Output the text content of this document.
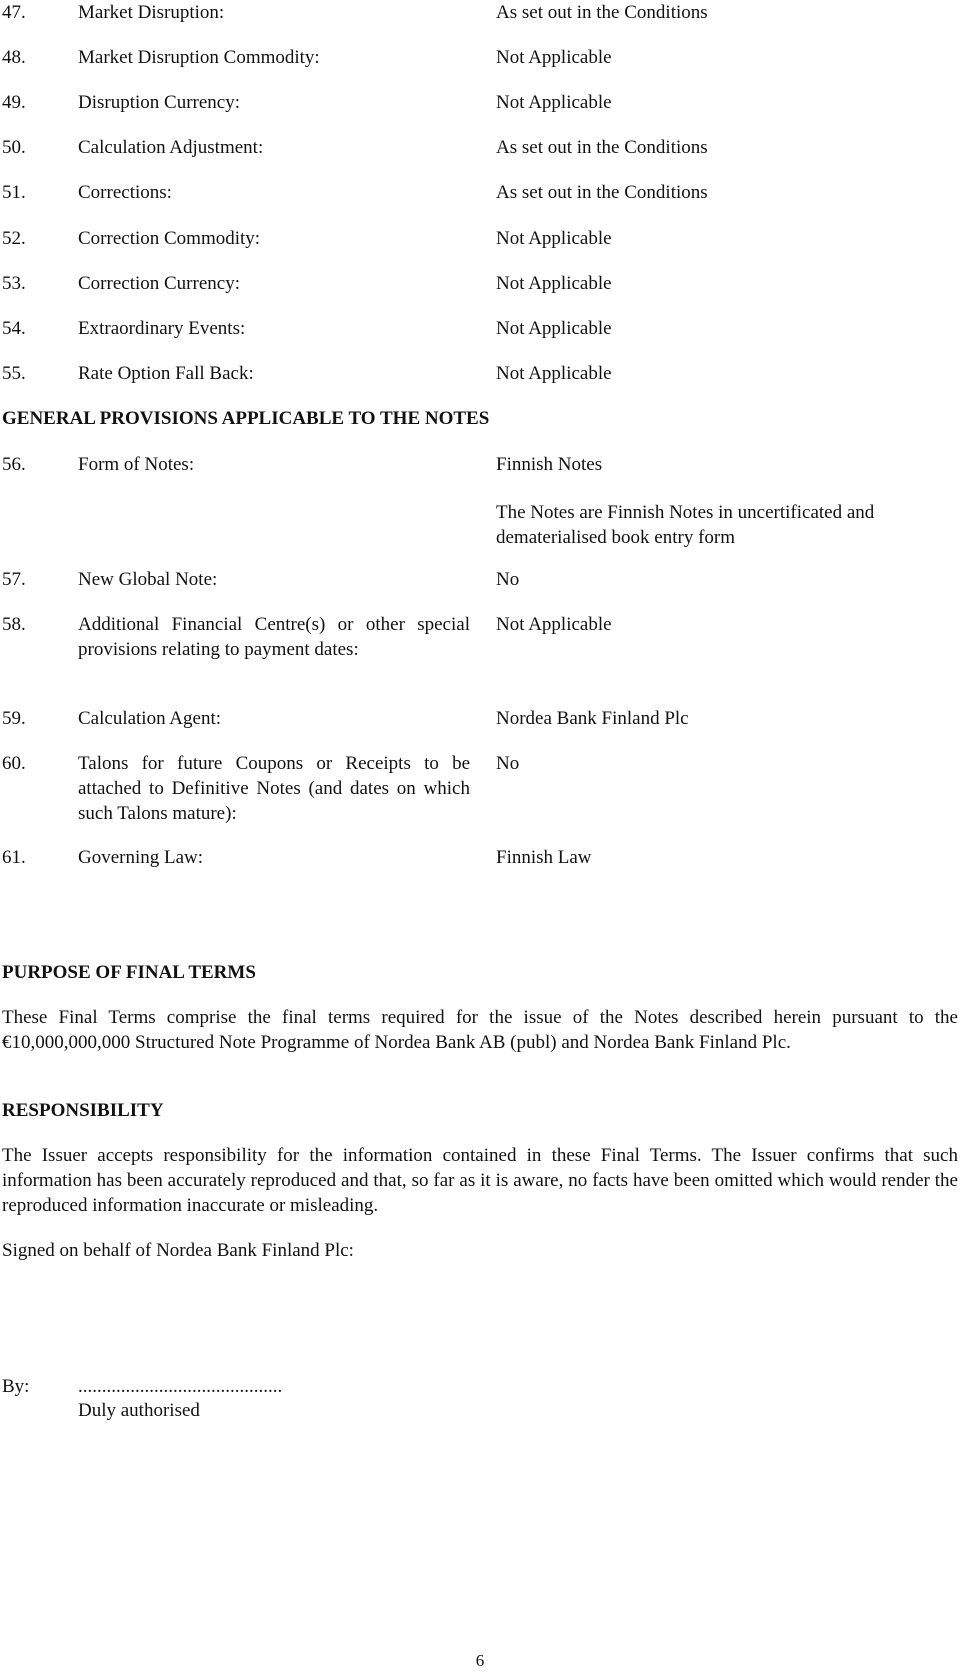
47.	Market Disruption:	As set out in the Conditions
48.	Market Disruption Commodity:	Not Applicable
49.	Disruption Currency:	Not Applicable
50.	Calculation Adjustment:	As set out in the Conditions
51.	Corrections:	As set out in the Conditions
52.	Correction Commodity:	Not Applicable
53.	Correction Currency:	Not Applicable
54.	Extraordinary Events:	Not Applicable
55.	Rate Option Fall Back:	Not Applicable
GENERAL PROVISIONS APPLICABLE TO THE NOTES
56.	Form of Notes:	Finnish Notes
The Notes are Finnish Notes in uncertificated and dematerialised book entry form
57.	New Global Note:	No
58.	Additional Financial Centre(s) or other special provisions relating to payment dates:
Not Applicable
59.	Calculation Agent:	Nordea Bank Finland Plc
60.	Talons for future Coupons or Receipts to be attached to Definitive Notes (and dates on which such Talons mature):
No
61.	Governing Law:	Finnish Law
PURPOSE OF FINAL TERMS
These Final Terms comprise the final terms required for the issue of the Notes described herein pursuant to the €10,000,000,000 Structured Note Programme of Nordea Bank AB (publ) and Nordea Bank Finland Plc.
RESPONSIBILITY
The Issuer accepts responsibility for the information contained in these Final Terms. The Issuer confirms that such information has been accurately reproduced and that, so far as it is aware, no facts have been omitted which would render the reproduced information inaccurate or misleading.
Signed on behalf of Nordea Bank Finland Plc:
By:	...........................................
Duly authorised
6
